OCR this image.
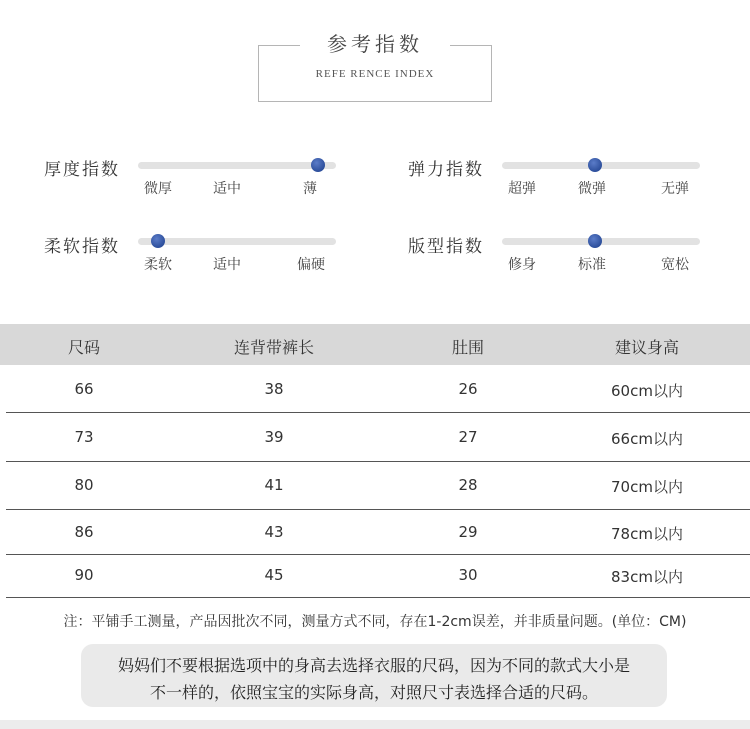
参考指数
REFE RENCE INDEX
厚度指数
微厚	适中	薄
弹力指数
超弹	微弹	无弹
柔软指数
柔软	适中	偏硬
版型指数
修身	标准	宽松
尺码	连背带裤长	肚围	建议身高
66	38	26	60cm以内
73	39	27	66cm以内
80	41	28	70cm以内
86	43	29	78cm以内
90	45	30	83cm以内
注：平铺手工测量，产品因批次不同，测量方式不同，存在1-2cm误差，并非质量问题。(单位：CM)
妈妈们不要根据选项中的身高去选择衣服的尺码，因为不同的款式大小是
不一样的，依照宝宝的实际身高，对照尺寸表选择合适的尺码。
